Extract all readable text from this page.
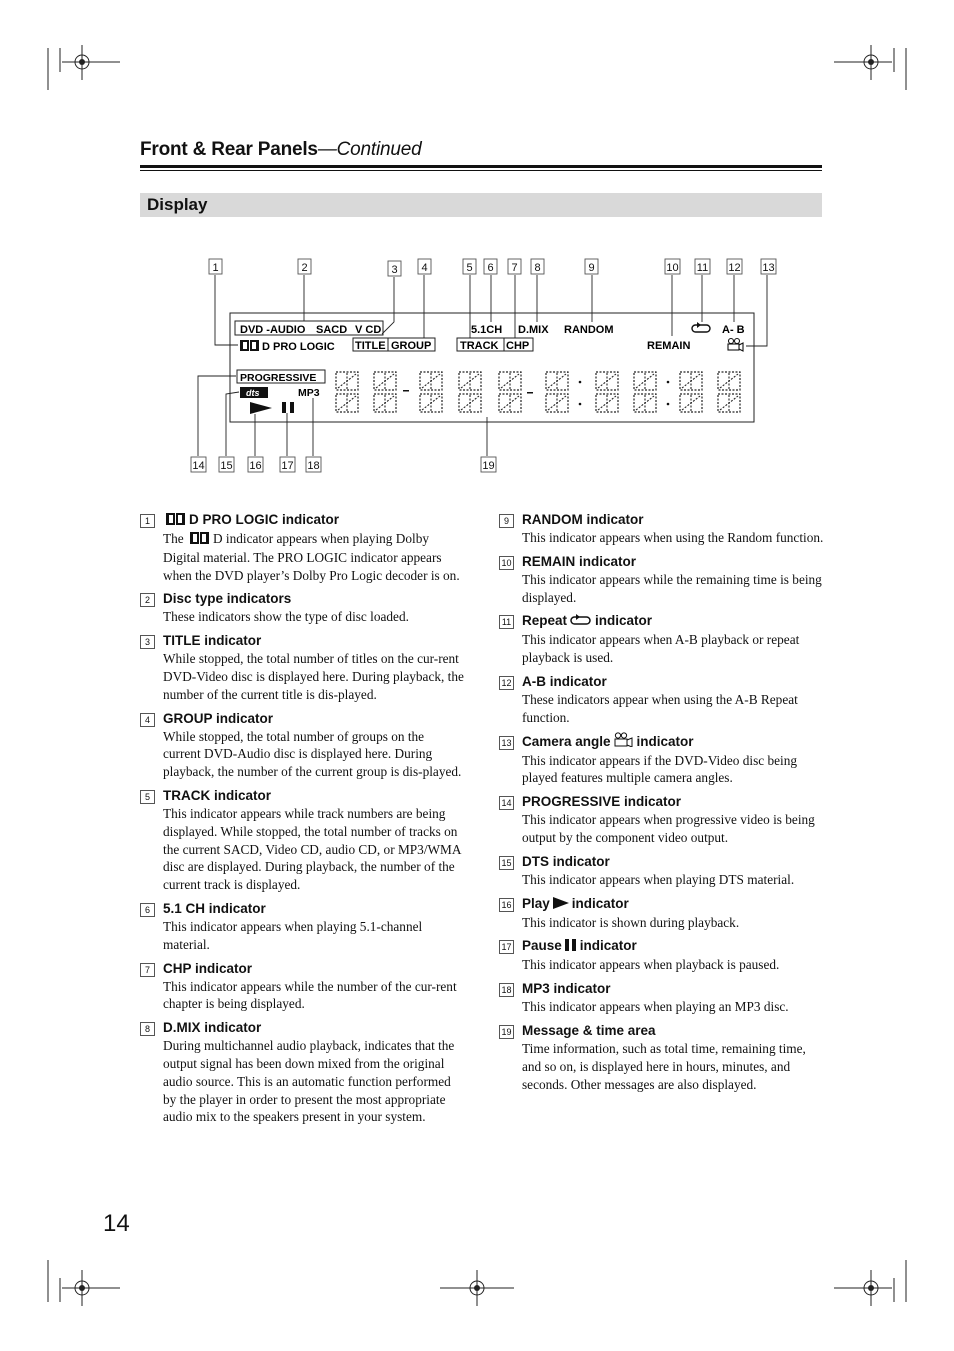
Front & Rear Panels—Continued
Display
DVD -AUDIO SACD V CD
D PRO LOGIC TITLE GROUP
5.1CH
TRACK CHP
D.MIX RANDOM
REMAIN
A- B
PROGRESSIVE
dts	MP3
1	2	3 4	5 6 7 8	9	10 11 12 13
14 15 16 17 18	19
1	D PRO LOGIC indicator

The D indicator appears when playing Dolby Digital material. The PRO LOGIC indicator appears when the DVD player’s Dolby Pro Logic decoder is on.

2 Disc type indicators

These indicators show the type of disc loaded.

3 TITLE indicator

While stopped, the total number of titles on the cur-rent DVD-Video disc is displayed here. During playback, the number of the current title is dis-played.

4 GROUP indicator

While stopped, the total number of groups on the current DVD-Audio disc is displayed here. During playback, the number of the current group is dis-played.

5 TRACK indicator

This indicator appears while track numbers are being displayed. While stopped, the total number of tracks on the current SACD, Video CD, audio CD, or MP3/WMA disc are displayed. During playback, the number of the current track is displayed.

6 5.1 CH indicator

This indicator appears when playing 5.1-channel material.

7 CHP indicator

This indicator appears while the number of the cur-rent chapter is being displayed.

8 D.MIX indicator

During multichannel audio playback, indicates that the output signal has been down mixed from the original audio source. This is an automatic function performed by the player in order to present the most appropriate audio mix to the speakers present in your system.

9 RANDOM indicator

This indicator appears when using the Random function.

10 REMAIN indicator

This indicator appears while the remaining time is being displayed.

11 Repeat indicator

This indicator appears when A-B playback or repeat playback is used.

12 A-B indicator

These indicators appear when using the A-B Repeat function.

13 Camera angle indicator

This indicator appears if the DVD-Video disc being played features multiple camera angles.

14 PROGRESSIVE indicator

This indicator appears when progressive video is being output by the component video output.

15 DTS indicator

This indicator appears when playing DTS material.

16 Play indicator

This indicator is shown during playback.

17 Pause indicator

This indicator appears when playback is paused.

18 MP3 indicator

This indicator appears when playing an MP3 disc.

19 Message & time area

Time information, such as total time, remaining time, and so on, is displayed here in hours, minutes, and seconds. Other messages are also displayed.

14
